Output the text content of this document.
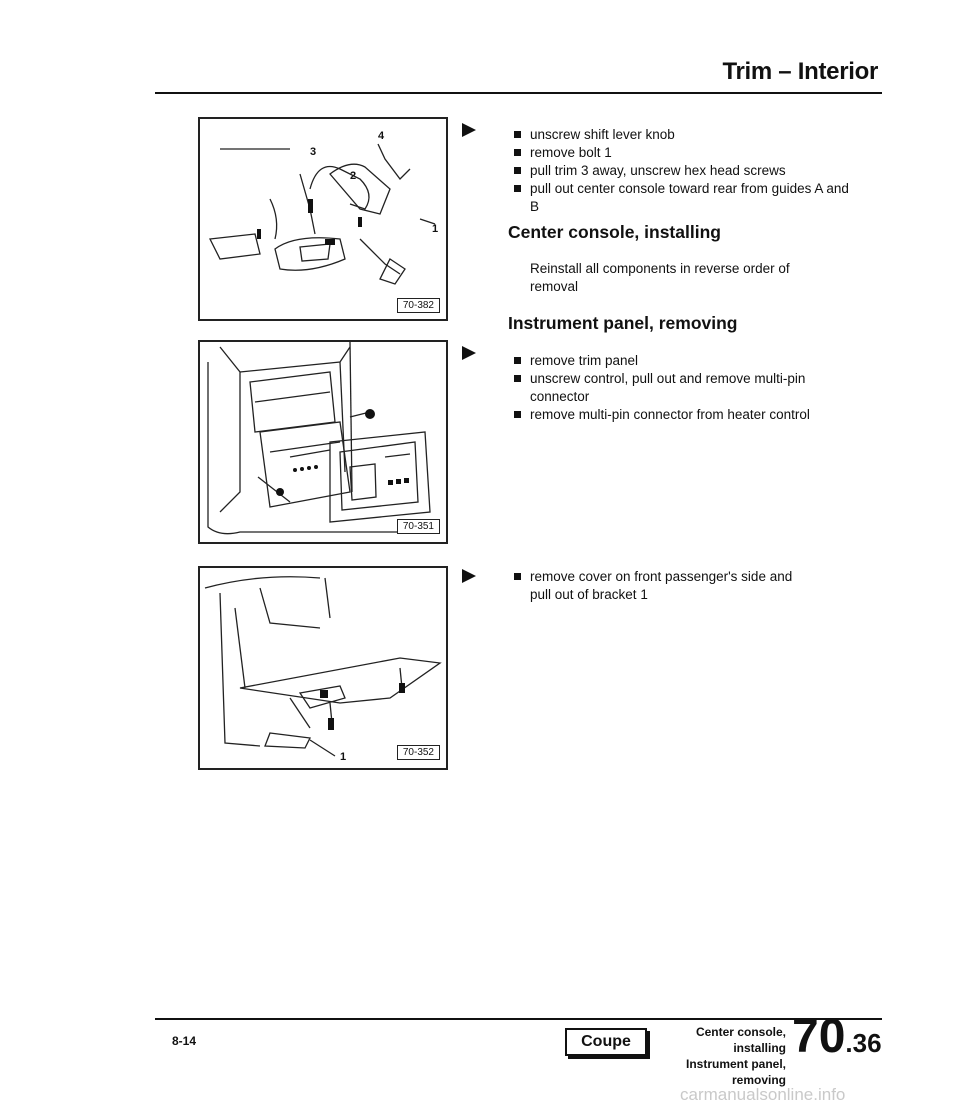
Trim – Interior
4
3
2
1
70-382
70-351
1	70-352
unscrew shift lever knob
remove bolt 1
pull trim 3 away, unscrew hex head screws
pull out center console toward rear from guides A and B
Center console, installing
Reinstall all components in reverse order of removal
Instrument panel, removing
remove trim panel
unscrew control, pull out and remove multi-pin connector
remove multi-pin connector from heater control
remove cover on front passenger's side and pull out of bracket 1
8-14	Coupe
Center console, installing
Instrument panel, removing
70.36
carmanualsonline.info
